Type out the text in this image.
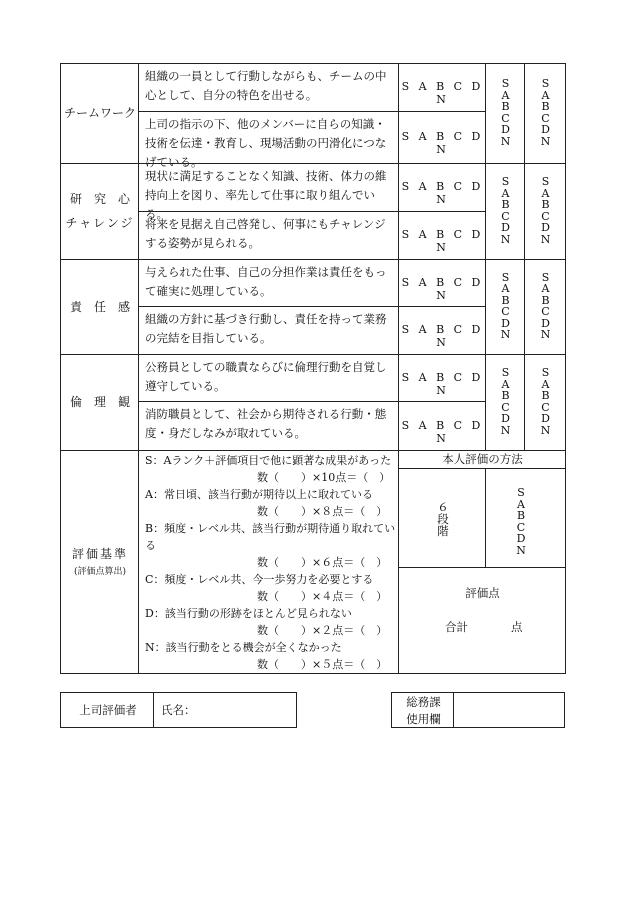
チームワーク
組織の一員として行動しながらも、チームの中心として、自分の特色を出せる。
S A B C D N
上司の指示の下、他のメンバーに自らの知識・技術を伝達・教育し、現場活動の円滑化につなげている。
S A B C D N
S
A
B
C
D
N
S
A
B
C
D
N
研　究　心
チャレンジ
現状に満足することなく知識、技術、体力の維持向上を図り、率先して仕事に取り組んでいる。
S A B C D N
将来を見据え自己啓発し、何事にもチャレンジする姿勢が見られる。
S A B C D N
S
A
B
C
D
N
S
A
B
C
D
N
責　任　感
与えられた仕事、自己の分担作業は責任をもって確実に処理している。
S A B C D N
組織の方針に基づき行動し、責任を持って業務の完結を目指している。
S A B C D N
S
A
B
C
D
N
S
A
B
C
D
N
倫　理　観
公務員としての職責ならびに倫理行動を自覚し遵守している。
S A B C D N
消防職員として、社会から期待される行動・態度・身だしなみが取れている。
S A B C D N
S
A
B
C
D
N
S
A
B
C
D
N
評価基準
(評価点算出)
S：Aランク＋評価項目で他に顕著な成果があった
数（　　）×10点＝（　）
A：常日頃、該当行動が期待以上に取れている
数（　　）×８点＝（　）
B：頻度・レベル共、該当行動が期待通り取れてい
る
数（　　）×６点＝（　）
C：頻度・レベル共、今一歩努力を必要とする
数（　　）×４点＝（　）
D：該当行動の形跡をほとんど見られない
数（　　）×２点＝（　）
N：該当行動をとる機会が全くなかった
数（　　）×５点＝（　）
本人評価の方法
６
段
階
S
A
B
C
D
N
評価点
合計	点
上司評価者	氏名：
総務課
使用欄
